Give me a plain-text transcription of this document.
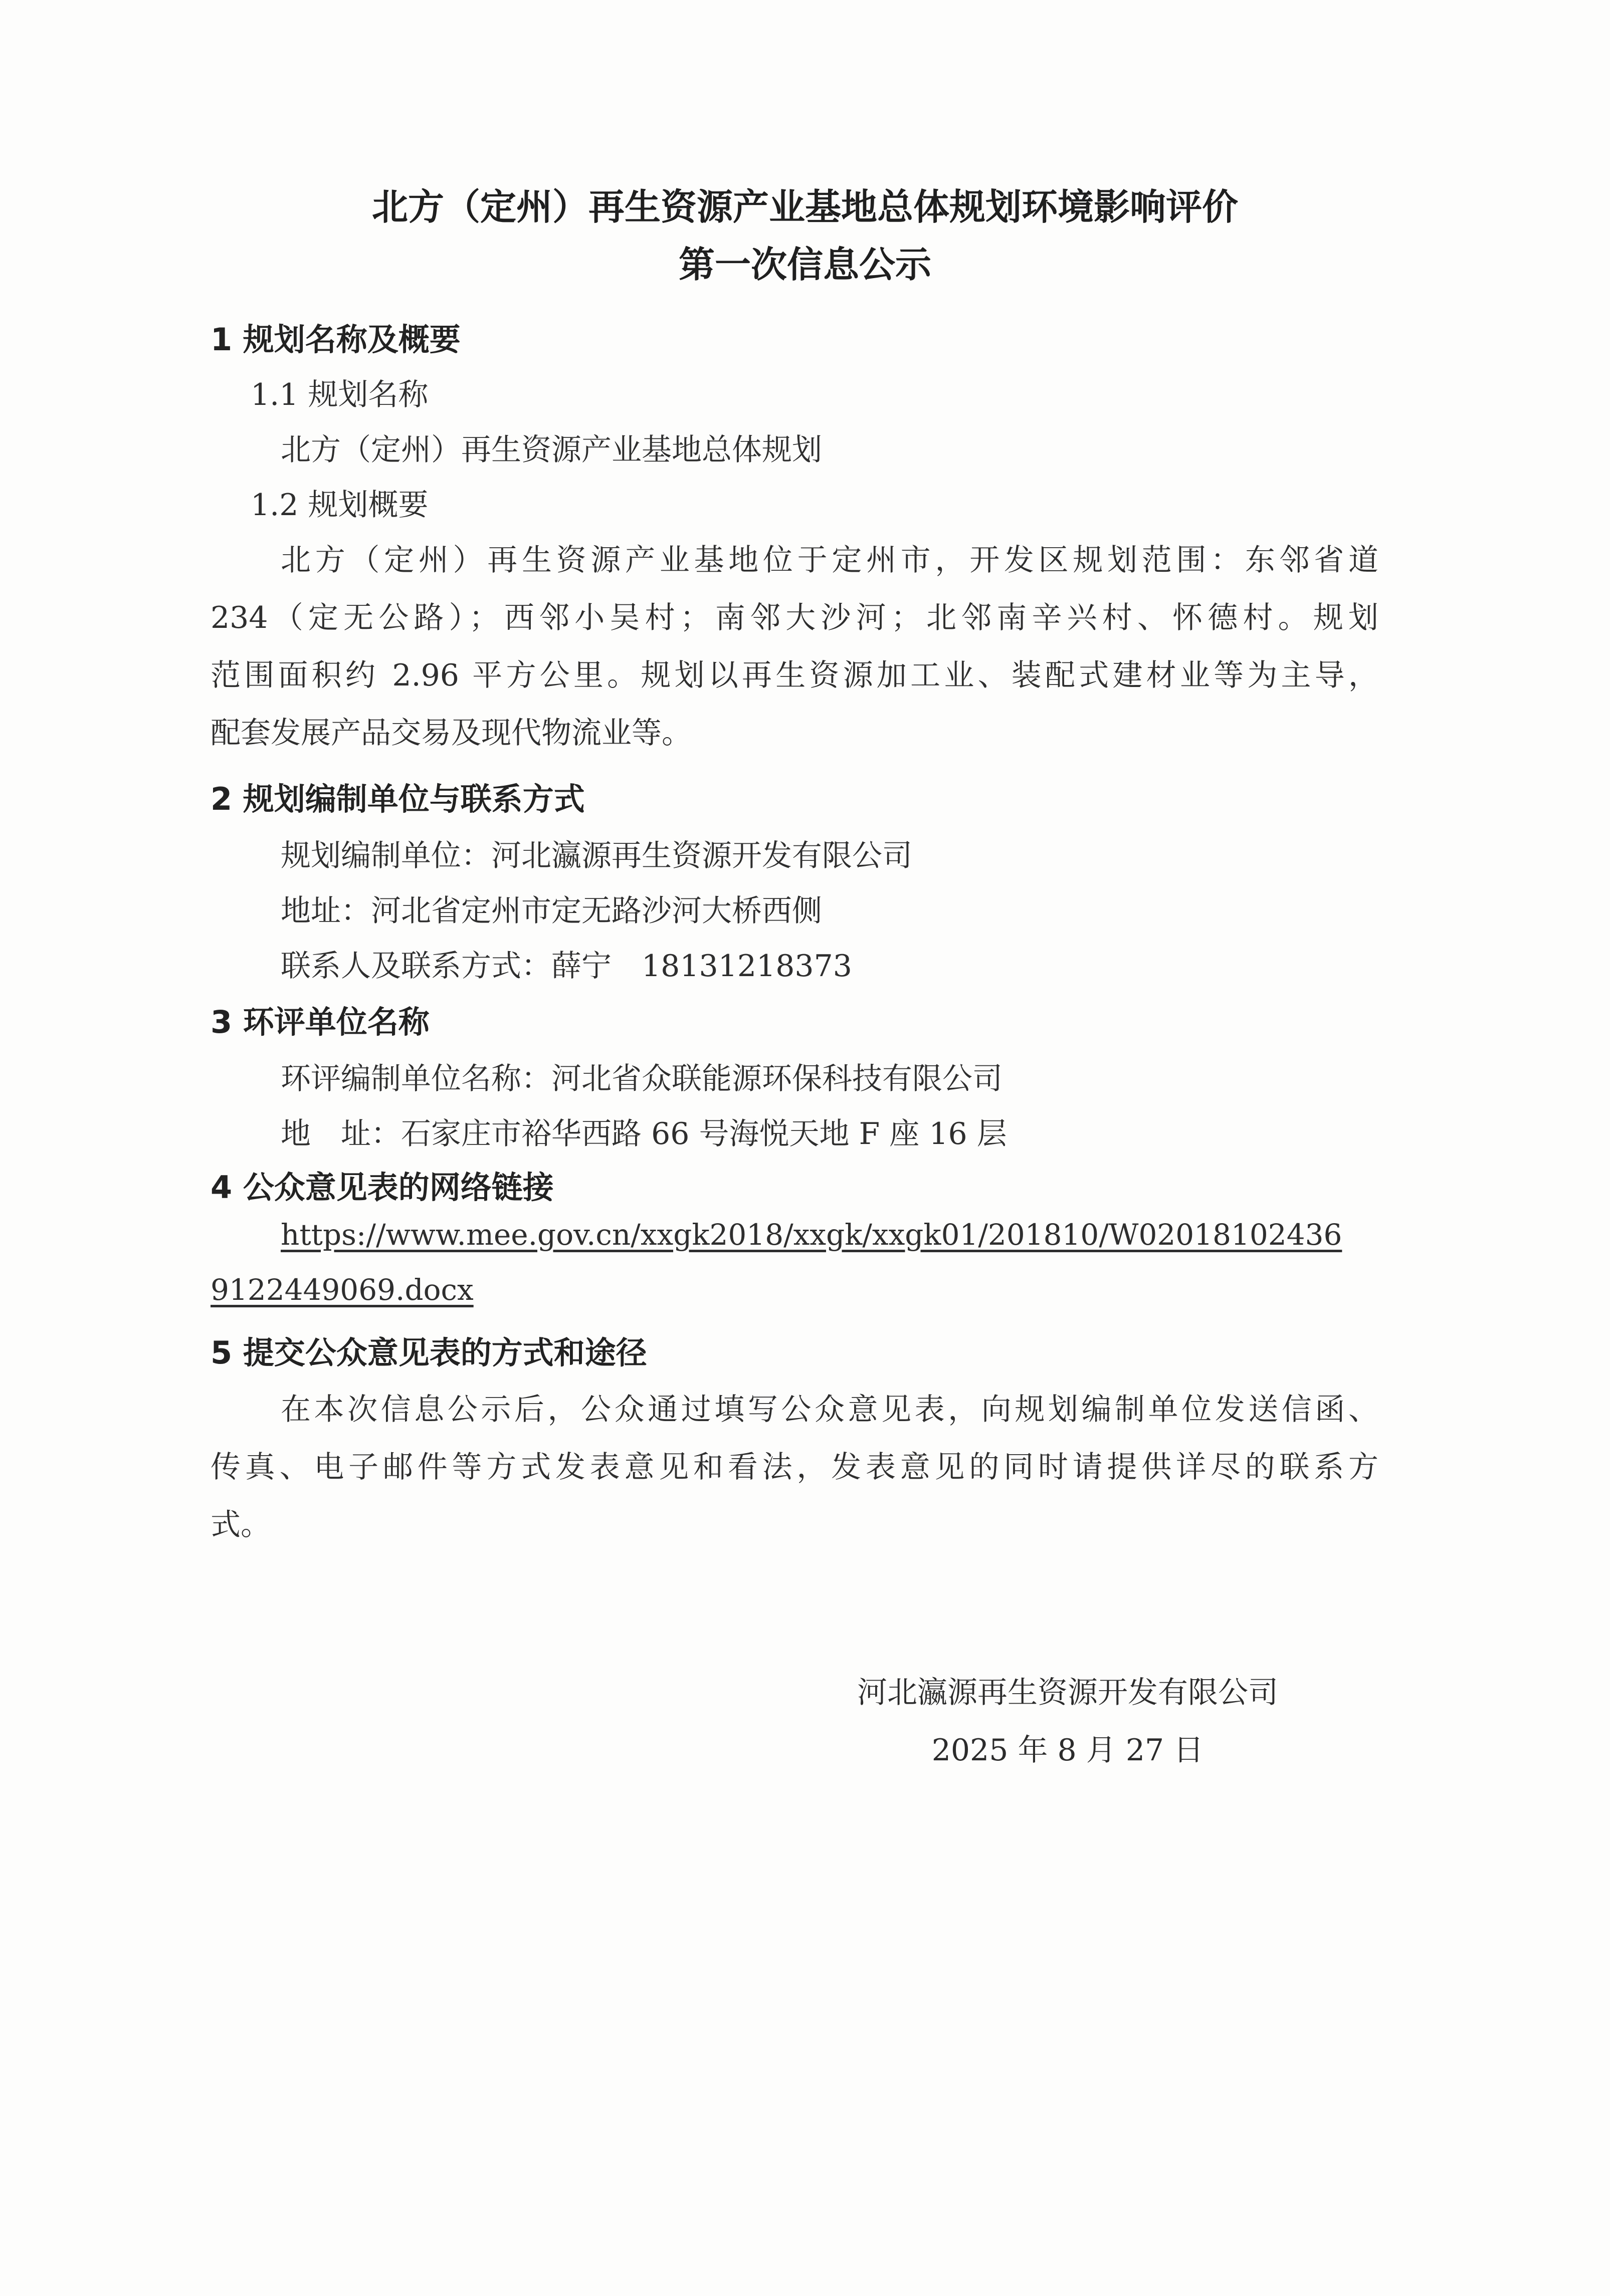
北方（定州）再生资源产业基地总体规划环境影响评价
第一次信息公示
1 规划名称及概要
1.1 规划名称
北方（定州）再生资源产业基地总体规划
1.2 规划概要
北方（定州）再生资源产业基地位于定州市，开发区规划范围：东邻省道
234（定无公路）；西邻小吴村；南邻大沙河；北邻南辛兴村、怀德村。规划
范围面积约 2.96 平方公里。规划以再生资源加工业、装配式建材业等为主导，
配套发展产品交易及现代物流业等。
2 规划编制单位与联系方式
规划编制单位：河北瀛源再生资源开发有限公司
地址：河北省定州市定无路沙河大桥西侧
联系人及联系方式：薛宁　18131218373
3 环评单位名称
环评编制单位名称：河北省众联能源环保科技有限公司
地　址：石家庄市裕华西路 66 号海悦天地 F 座 16 层
4 公众意见表的网络链接
https://www.mee.gov.cn/xxgk2018/xxgk/xxgk01/201810/W02018102436
9122449069.docx
5 提交公众意见表的方式和途径
在本次信息公示后，公众通过填写公众意见表，向规划编制单位发送信函、
传真、电子邮件等方式发表意见和看法，发表意见的同时请提供详尽的联系方
式。
河北瀛源再生资源开发有限公司
2025 年 8 月 27 日
